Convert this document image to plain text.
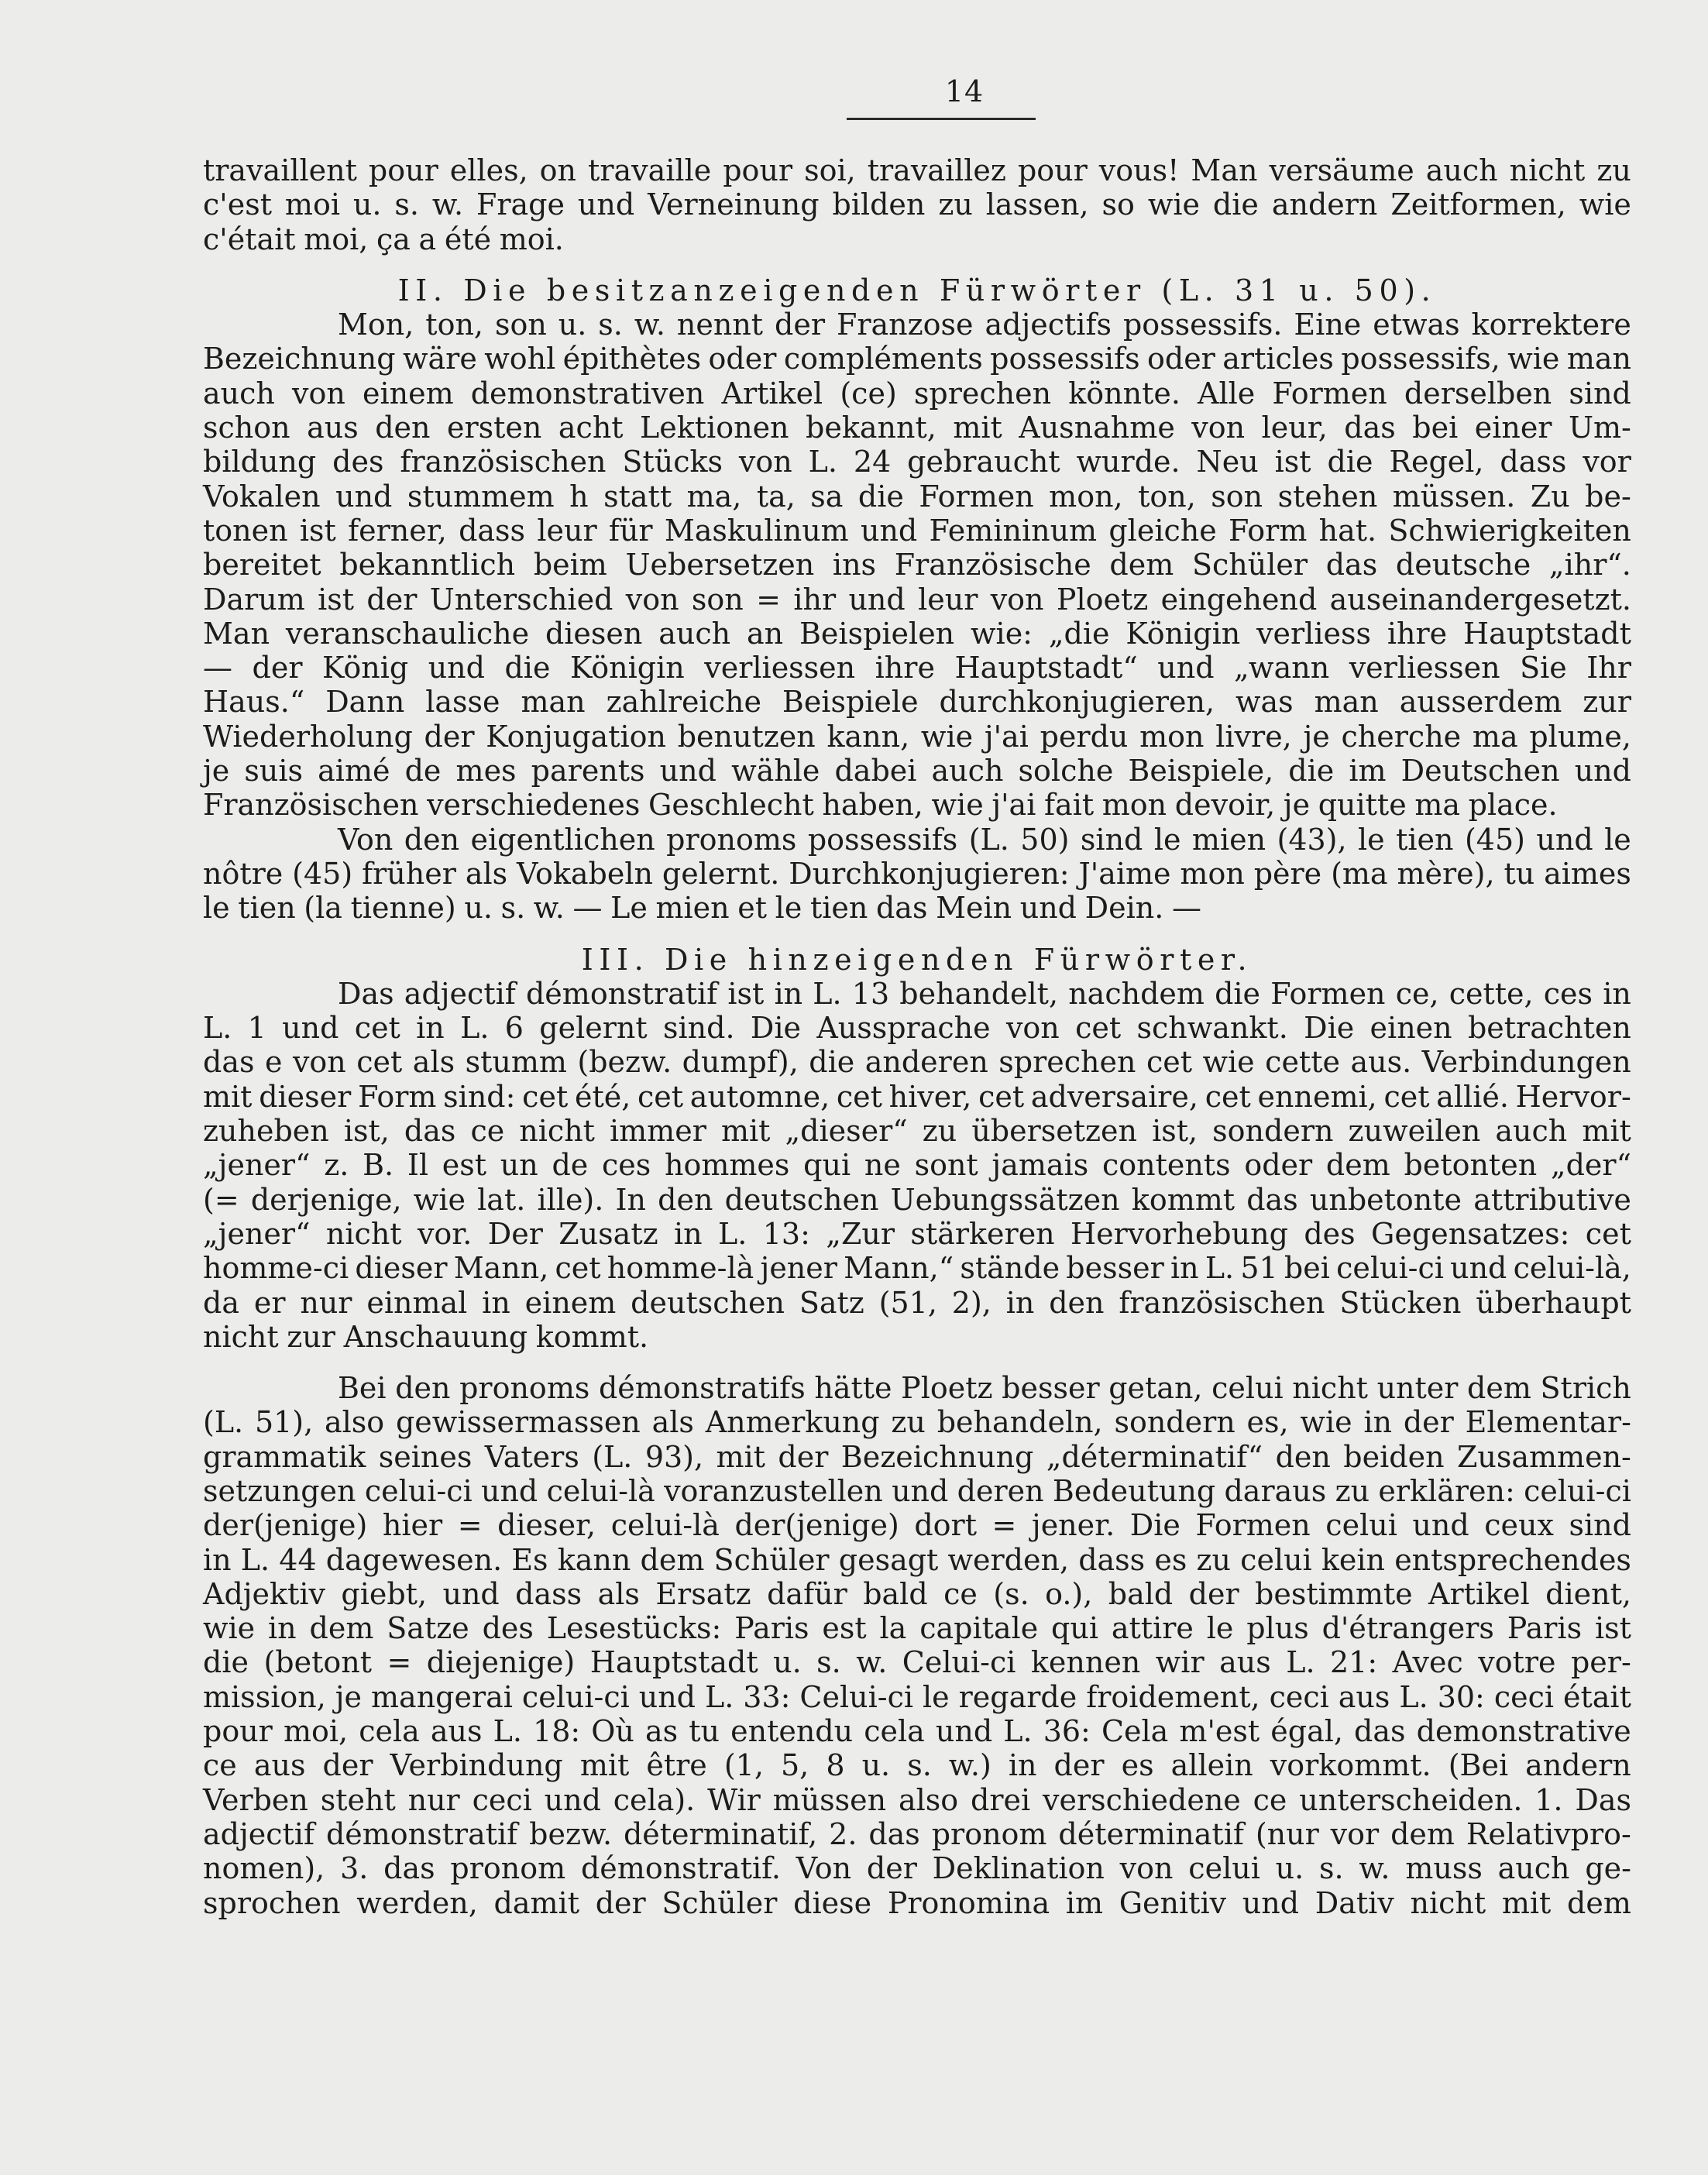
14
travaillent pour elles, on travaille pour soi, travaillez pour vous! Man versäume auch nicht zu
c'est moi u. s. w. Frage und Verneinung bilden zu lassen, so wie die andern Zeitformen, wie
c'était moi, ça a été moi.
II. Die besitzanzeigenden Fürwörter (L. 31 u. 50).
Mon, ton, son u. s. w. nennt der Franzose adjectifs possessifs. Eine etwas korrektere
Bezeichnung wäre wohl épithètes oder compléments possessifs oder articles possessifs, wie man
auch von einem demonstrativen Artikel (ce) sprechen könnte. Alle Formen derselben sind
schon aus den ersten acht Lektionen bekannt, mit Ausnahme von leur, das bei einer Um-
bildung des französischen Stücks von L. 24 gebraucht wurde. Neu ist die Regel, dass vor
Vokalen und stummem h statt ma, ta, sa die Formen mon, ton, son stehen müssen. Zu be-
tonen ist ferner, dass leur für Maskulinum und Femininum gleiche Form hat. Schwierigkeiten
bereitet bekanntlich beim Uebersetzen ins Französische dem Schüler das deutsche „ihr“.
Darum ist der Unterschied von son = ihr und leur von Ploetz eingehend auseinandergesetzt.
Man veranschauliche diesen auch an Beispielen wie: „die Königin verliess ihre Hauptstadt
— der König und die Königin verliessen ihre Hauptstadt“ und „wann verliessen Sie Ihr
Haus.“ Dann lasse man zahlreiche Beispiele durchkonjugieren, was man ausserdem zur
Wiederholung der Konjugation benutzen kann, wie j'ai perdu mon livre, je cherche ma plume,
je suis aimé de mes parents und wähle dabei auch solche Beispiele, die im Deutschen und
Französischen verschiedenes Geschlecht haben, wie j'ai fait mon devoir, je quitte ma place.
Von den eigentlichen pronoms possessifs (L. 50) sind le mien (43), le tien (45) und le
nôtre (45) früher als Vokabeln gelernt. Durchkonjugieren: J'aime mon père (ma mère), tu aimes
le tien (la tienne) u. s. w. — Le mien et le tien das Mein und Dein. —
III. Die hinzeigenden Fürwörter.
Das adjectif démonstratif ist in L. 13 behandelt, nachdem die Formen ce, cette, ces in
L. 1 und cet in L. 6 gelernt sind. Die Aussprache von cet schwankt. Die einen betrachten
das e von cet als stumm (bezw. dumpf), die anderen sprechen cet wie cette aus. Verbindungen
mit dieser Form sind: cet été, cet automne, cet hiver, cet adversaire, cet ennemi, cet allié. Hervor-
zuheben ist, das ce nicht immer mit „dieser“ zu übersetzen ist, sondern zuweilen auch mit
„jener“ z. B. Il est un de ces hommes qui ne sont jamais contents oder dem betonten „der“
(= derjenige, wie lat. ille). In den deutschen Uebungssätzen kommt das unbetonte attributive
„jener“ nicht vor. Der Zusatz in L. 13: „Zur stärkeren Hervorhebung des Gegensatzes: cet
homme-ci dieser Mann, cet homme-là jener Mann,“ stände besser in L. 51 bei celui-ci und celui-là,
da er nur einmal in einem deutschen Satz (51, 2), in den französischen Stücken überhaupt
nicht zur Anschauung kommt.
Bei den pronoms démonstratifs hätte Ploetz besser getan, celui nicht unter dem Strich
(L. 51), also gewissermassen als Anmerkung zu behandeln, sondern es, wie in der Elementar-
grammatik seines Vaters (L. 93), mit der Bezeichnung „déterminatif“ den beiden Zusammen-
setzungen celui-ci und celui-là voranzustellen und deren Bedeutung daraus zu erklären: celui-ci
der(jenige) hier = dieser, celui-là der(jenige) dort = jener. Die Formen celui und ceux sind
in L. 44 dagewesen. Es kann dem Schüler gesagt werden, dass es zu celui kein entsprechendes
Adjektiv giebt, und dass als Ersatz dafür bald ce (s. o.), bald der bestimmte Artikel dient,
wie in dem Satze des Lesestücks: Paris est la capitale qui attire le plus d'étrangers Paris ist
die (betont = diejenige) Hauptstadt u. s. w. Celui-ci kennen wir aus L. 21: Avec votre per-
mission, je mangerai celui-ci und L. 33: Celui-ci le regarde froidement, ceci aus L. 30: ceci était
pour moi, cela aus L. 18: Où as tu entendu cela und L. 36: Cela m'est égal, das demonstrative
ce aus der Verbindung mit être (1, 5, 8 u. s. w.) in der es allein vorkommt. (Bei andern
Verben steht nur ceci und cela). Wir müssen also drei verschiedene ce unterscheiden. 1. Das
adjectif démonstratif bezw. déterminatif, 2. das pronom déterminatif (nur vor dem Relativpro-
nomen), 3. das pronom démonstratif. Von der Deklination von celui u. s. w. muss auch ge-
sprochen werden, damit der Schüler diese Pronomina im Genitiv und Dativ nicht mit dem
